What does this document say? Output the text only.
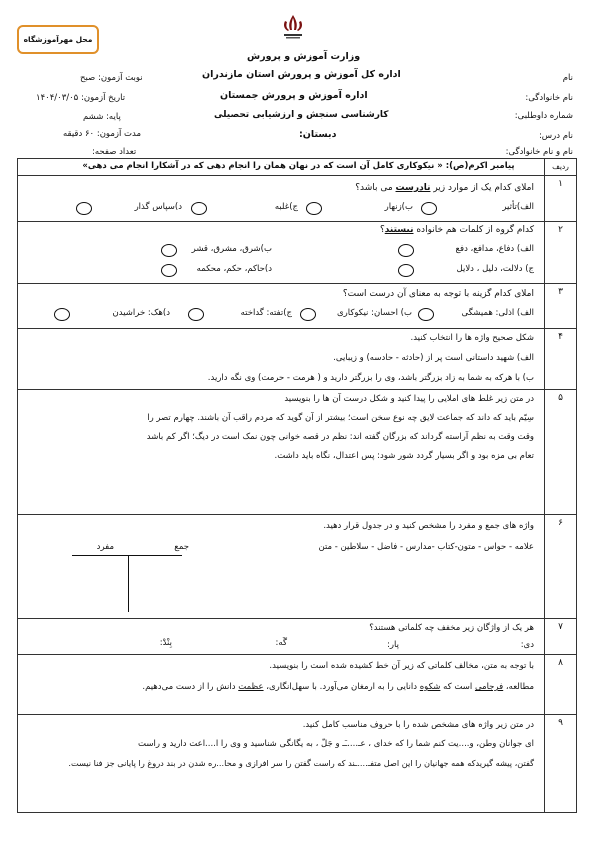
محل مهرآموزشگاه
وزارت آموزش و پرورش
اداره کل آموزش و پرورش استان مازندران
اداره آموزش و پرورش جمستان
کارشناسی سنجش و ارزشیابی تحصیلی
دبستان:
نام
نام خانوادگی:
شماره داوطلبی:
نام درس:
نام و نام خانوادگی:
نوبت آزمون: صبح
تاریخ آزمون: ۱۴۰۴/۰۳/۰۵
پایه: ششم
مدت آزمون: ۶۰ دقیقه
تعداد صفحه:
ردیف	
۱	املای کدام یک از موارد زیر نادرست می باشد؟
الف)تأثیر
ب)زنهار
ج)غلبه
د)سپاس گذار

۲	کدام گروه از کلمات هم خانواده نیستند؟
الف) دفاع، مدافع، دفع
ب)شرق، مشرق، قشر
ج) دلالت، دلیل ، دلایل
د)حاکم، حکم، محکمه

۳	املای کدام گزینه با توجه به معنای آن درست است؟
الف) اذلی: همیشگی
ب) احسان: نیکوکاری
ج)تفته: گداخته
د)هک: خراشیدن

۴	شکل صحیح واژه ها را انتخاب کنید.
الف) شهید داستانی است پر از (حادثه - حادسه) و زیبایی.
ب) با هرکه به شما به زاد بزرگتر باشد، وی را بزرگتر دارید و ( هرمت - حرمت) وی نگه دارید.

۵	در متن زیر غلط های املایی را پیدا کنید و شکل درست آن ها را بنویسید
سِیّم باید که داند که جماعت لایق چه نوع سخن است؛ بیشتر از آن گوید که مردم راقب آن باشند. چهارم تصر را
وقت وقت به نظم آراسته گرداند که بزرگان گفته اند: نظم در قصه خوانی چون نمک است در دیگ؛ اگر کم باشد
تعام بی مزه بود و اگر بسیار گردد شور شود: پس اعتدال، نگاه باید داشت.

۶	واژه های جمع و مفرد را مشخص کنید و در جدول قرار دهید.
علامه - حواس - متون-کتاب -مدارس - فاضل - سلاطین - متن
جمع
مفرد

۷	هر یک از واژگان زیر مخفف چه کلماتی هستند؟
دی:
پار:
گَه:
بِنْدْ:

۸	با توجه به متن، مخالف کلماتی که زیر آن خط کشیده شده است را بنویسید.
مطالعه، فرجامی است که شکوه دانایی را به ارمغان می‌آورد. با سهل‌انگاری، عظمت دانش را از دست می‌دهیم.

۹	در متن زیر واژه های مشخص شده را با حروف مناسب کامل کنید.
ای جوانان وطن، و....یت کنم شما را که خدای ، عـ....ـَـ و جَلّ ، به یگانگی شناسید و وی را ا....اعت دارید و راست
گفتن، پیشه گیریدکه همه جهانیان را این اصل متفـ....ـند که راست گفتن را سر افرازی و محا...ره شدن در بند دروغ را پایانی جز فنا نیست.
پیامبر اکرم(ص): « نیکوکاری کامل آن است که در نهان همان را انجام دهی که در آشکارا انجام می دهی»
